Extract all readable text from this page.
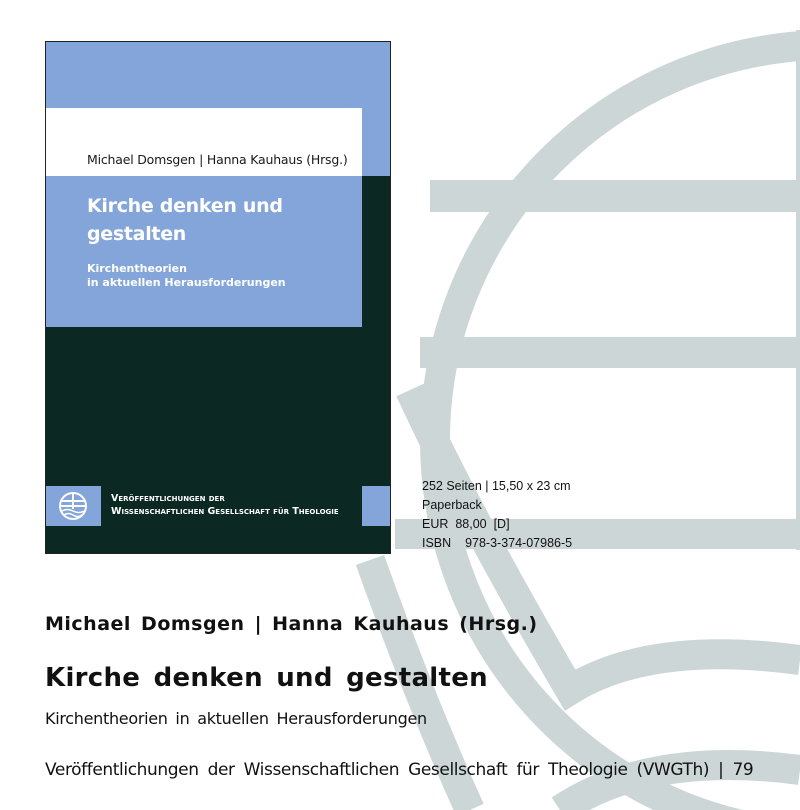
Michael Domsgen | Hanna Kauhaus (Hrsg.)
Kirche denken und gestalten
Kirchentheorien
in aktuellen Herausforderungen
Veröffentlichungen der
Wissenschaftlichen Gesellschaft für Theologie
252 Seiten | 15,50 x 23 cm
Paperback
EUR  88,00  [D]
ISBN    978-3-374-07986-5
Michael Domsgen | Hanna Kauhaus (Hrsg.)
Kirche denken und gestalten
Kirchentheorien in aktuellen Herausforderungen
Veröffentlichungen der Wissenschaftlichen Gesellschaft für Theologie (VWGTh) | 79
